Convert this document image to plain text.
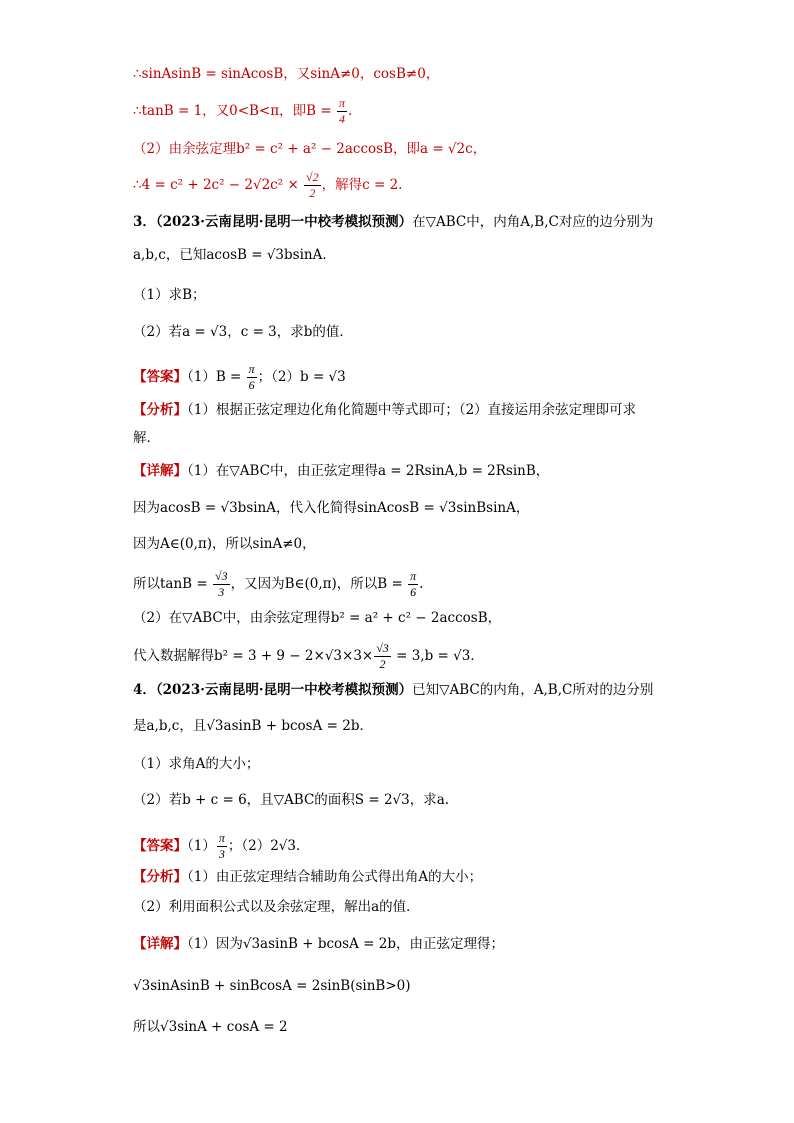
∴sinAsinB = sinAcosB，又sinA≠0，cosB≠0，
∴tanB = 1，又0<B<π，即$B = \frac{\pi}{4}$ .
（2）由余弦定理b² = c² + a² − 2accosB，即a = √2c，
∴4 = $c^2 + 2c^2 - 2√2c^2 \times \frac{√2}{2}$ ，解得c = 2.
3．（2023·云南昆明·昆明一中校考模拟预测）在▽ABC中，内角A,B,C对应的边分别为
a,b,c，已知acosB = √3bsinA．
（1）求B；
（2）若a = √3，c = 3，求b的值．
【答案】$(1)B = \frac{\pi}{6}$ ；（2）b = √3
【分析】（1）根据正弦定理边化角化简题中等式即可；（2）直接运用余弦定理即可求
解．
【详解】（1）在▽ABC中，由正弦定理得a = 2RsinA,b = 2RsinB，
因为acosB = √3bsinA，代入化简得sinAcosB = √3sinBsinA，
因为A∈(0,π)，所以sinA≠0，
所以$\tan B = \frac{√3}{3}$ ，又因为B∈(0,π)，所以$B = \frac{\pi}{6}$ .
（2）在▽ABC中，由余弦定理得b² = a² + c² − 2accosB，
代入数据解得$b^2 = 3 + 9 - 2\times√3\times 3\times \frac{√3}{2} = 3,b = √3$．
4．（2023·云南昆明·昆明一中校考模拟预测）已知▽ABC的内角，A,B,C所对的边分别
是a,b,c，且√3asinB + bcosA = 2b．
（1）求角A的大小；
（2）若b + c = 6，且▽ABC的面积S = 2√3，求a.
【答案】$(1) \frac{\pi}{3}$ ；（2）2√3．
【分析】（1）由正弦定理结合辅助角公式得出角A的大小；
（2）利用面积公式以及余弦定理，解出a的值．
【详解】（1）因为√3asinB + bcosA = 2b，由正弦定理得；
√3sinAsinB + sinBcosA = 2sinB(sinB>0)
所以√3sinA + cosA = 2
